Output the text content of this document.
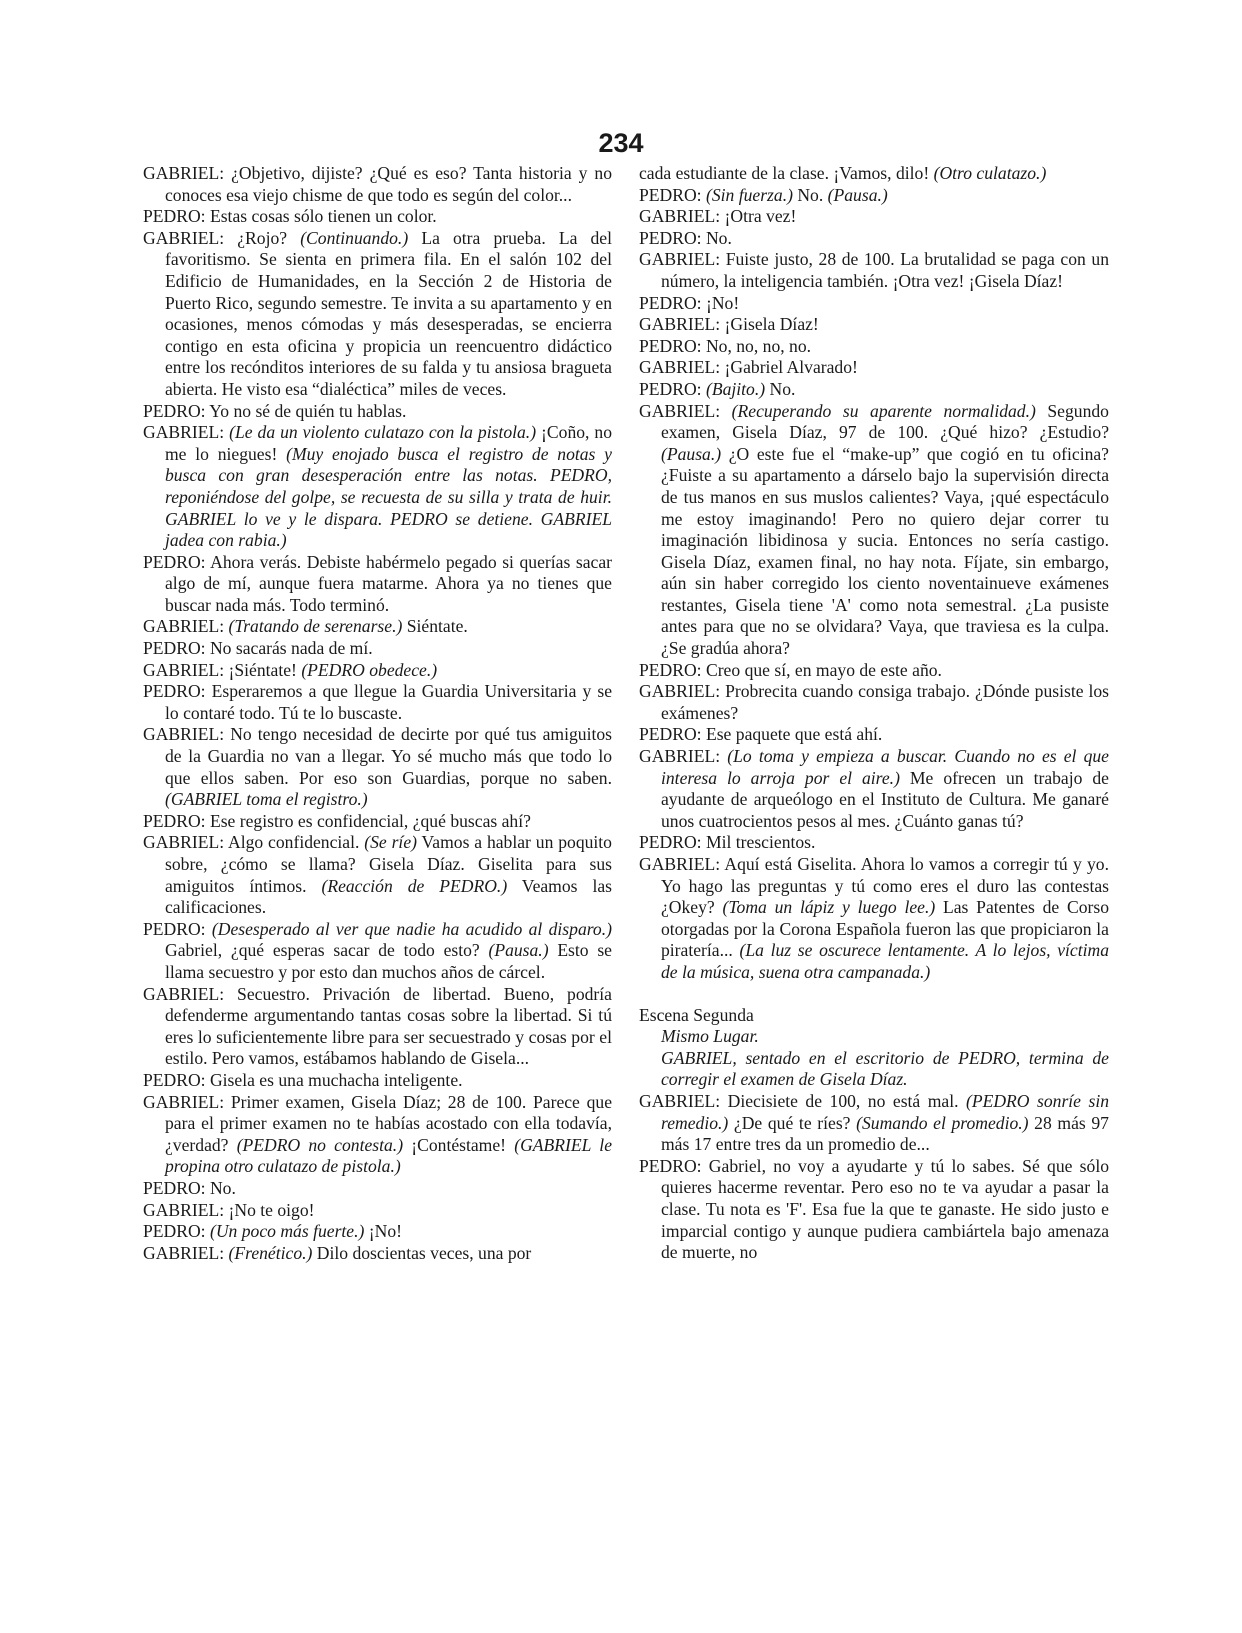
234

GABRIEL: ¿Objetivo, dijiste? ¿Qué es eso? Tanta historia y no conoces esa viejo chisme de que todo es según del color...

PEDRO: Estas cosas sólo tienen un color.

GABRIEL: ¿Rojo? (Continuando.) La otra prueba. La del favoritismo. Se sienta en primera fila. En el salón 102 del Edificio de Humanidades, en la Sección 2 de Historia de Puerto Rico, segundo semestre. Te invita a su apartamento y en ocasiones, menos cómodas y más desesperadas, se encierra contigo en esta oficina y propicia un reencuentro didáctico entre los recónditos interiores de su falda y tu ansiosa bragueta abierta. He visto esa “dialéctica” miles de veces.

PEDRO: Yo no sé de quién tu hablas.

GABRIEL: (Le da un violento culatazo con la pistola.) ¡Coño, no me lo niegues! (Muy enojado busca el registro de notas y busca con gran desesperación entre las notas. PEDRO, reponiéndose del golpe, se recuesta de su silla y trata de huir. GABRIEL lo ve y le dispara. PEDRO se detiene. GABRIEL jadea con rabia.)

PEDRO: Ahora verás. Debiste habérmelo pegado si querías sacar algo de mí, aunque fuera matarme. Ahora ya no tienes que buscar nada más. Todo terminó.

GABRIEL: (Tratando de serenarse.) Siéntate.

PEDRO: No sacarás nada de mí.

GABRIEL: ¡Siéntate! (PEDRO obedece.)

PEDRO: Esperaremos a que llegue la Guardia Universitaria y se lo contaré todo. Tú te lo buscaste.

GABRIEL: No tengo necesidad de decirte por qué tus amiguitos de la Guardia no van a llegar. Yo sé mucho más que todo lo que ellos saben. Por eso son Guardias, porque no saben. (GABRIEL toma el registro.)

PEDRO: Ese registro es confidencial, ¿qué buscas ahí?

GABRIEL: Algo confidencial. (Se ríe) Vamos a hablar un poquito sobre, ¿cómo se llama? Gisela Díaz. Giselita para sus amiguitos íntimos. (Reacción de PEDRO.) Veamos las calificaciones.

PEDRO: (Desesperado al ver que nadie ha acudido al disparo.) Gabriel, ¿qué esperas sacar de todo esto? (Pausa.) Esto se llama secuestro y por esto dan muchos años de cárcel.

GABRIEL: Secuestro. Privación de libertad. Bueno, podría defenderme argumentando tantas cosas sobre la libertad. Si tú eres lo suficientemente libre para ser secuestrado y cosas por el estilo. Pero vamos, estábamos hablando de Gisela...

PEDRO: Gisela es una muchacha inteligente.

GABRIEL: Primer examen, Gisela Díaz; 28 de 100. Parece que para el primer examen no te habías acostado con ella todavía, ¿verdad? (PEDRO no contesta.) ¡Contéstame! (GABRIEL le propina otro culatazo de pistola.)

PEDRO: No.

GABRIEL: ¡No te oigo!

PEDRO: (Un poco más fuerte.) ¡No!

GABRIEL: (Frenético.) Dilo doscientas veces, una por

cada estudiante de la clase. ¡Vamos, dilo! (Otro culatazo.)

PEDRO: (Sin fuerza.) No. (Pausa.)

GABRIEL: ¡Otra vez!

PEDRO: No.

GABRIEL: Fuiste justo, 28 de 100. La brutalidad se paga con un número, la inteligencia también. ¡Otra vez! ¡Gisela Díaz!

PEDRO: ¡No!

GABRIEL: ¡Gisela Díaz!

PEDRO: No, no, no, no.

GABRIEL: ¡Gabriel Alvarado!

PEDRO: (Bajito.) No.

GABRIEL: (Recuperando su aparente normalidad.) Segundo examen, Gisela Díaz, 97 de 100. ¿Qué hizo? ¿Estudio? (Pausa.) ¿O este fue el “make-up” que cogió en tu oficina? ¿Fuiste a su apartamento a dárselo bajo la supervisión directa de tus manos en sus muslos calientes? Vaya, ¡qué espectáculo me estoy imaginando! Pero no quiero dejar correr tu imaginación libidinosa y sucia. Entonces no sería castigo. Gisela Díaz, examen final, no hay nota. Fíjate, sin embargo, aún sin haber corregido los ciento noventainueve exámenes restantes, Gisela tiene 'A' como nota semestral. ¿La pusiste antes para que no se olvidara? Vaya, que traviesa es la culpa. ¿Se gradúa ahora?

PEDRO: Creo que sí, en mayo de este año.

GABRIEL: Probrecita cuando consiga trabajo. ¿Dónde pusiste los exámenes?

PEDRO: Ese paquete que está ahí.

GABRIEL: (Lo toma y empieza a buscar. Cuando no es el que interesa lo arroja por el aire.) Me ofrecen un trabajo de ayudante de arqueólogo en el Instituto de Cultura. Me ganaré unos cuatrocientos pesos al mes. ¿Cuánto ganas tú?

PEDRO: Mil trescientos.

GABRIEL: Aquí está Giselita. Ahora lo vamos a corregir tú y yo. Yo hago las preguntas y tú como eres el duro las contestas ¿Okey? (Toma un lápiz y luego lee.) Las Patentes de Corso otorgadas por la Corona Española fueron las que propiciaron la piratería... (La luz se oscurece lentamente. A lo lejos, víctima de la música, suena otra campanada.)

Escena Segunda

Mismo Lugar.

GABRIEL, sentado en el escritorio de PEDRO, termina de corregir el examen de Gisela Díaz.

GABRIEL: Diecisiete de 100, no está mal. (PEDRO sonríe sin remedio.) ¿De qué te ríes? (Sumando el promedio.) 28 más 97 más 17 entre tres da un promedio de...

PEDRO: Gabriel, no voy a ayudarte y tú lo sabes. Sé que sólo quieres hacerme reventar. Pero eso no te va ayudar a pasar la clase. Tu nota es 'F'. Esa fue la que te ganaste. He sido justo e imparcial contigo y aunque pudiera cambiártela bajo amenaza de muerte, no
